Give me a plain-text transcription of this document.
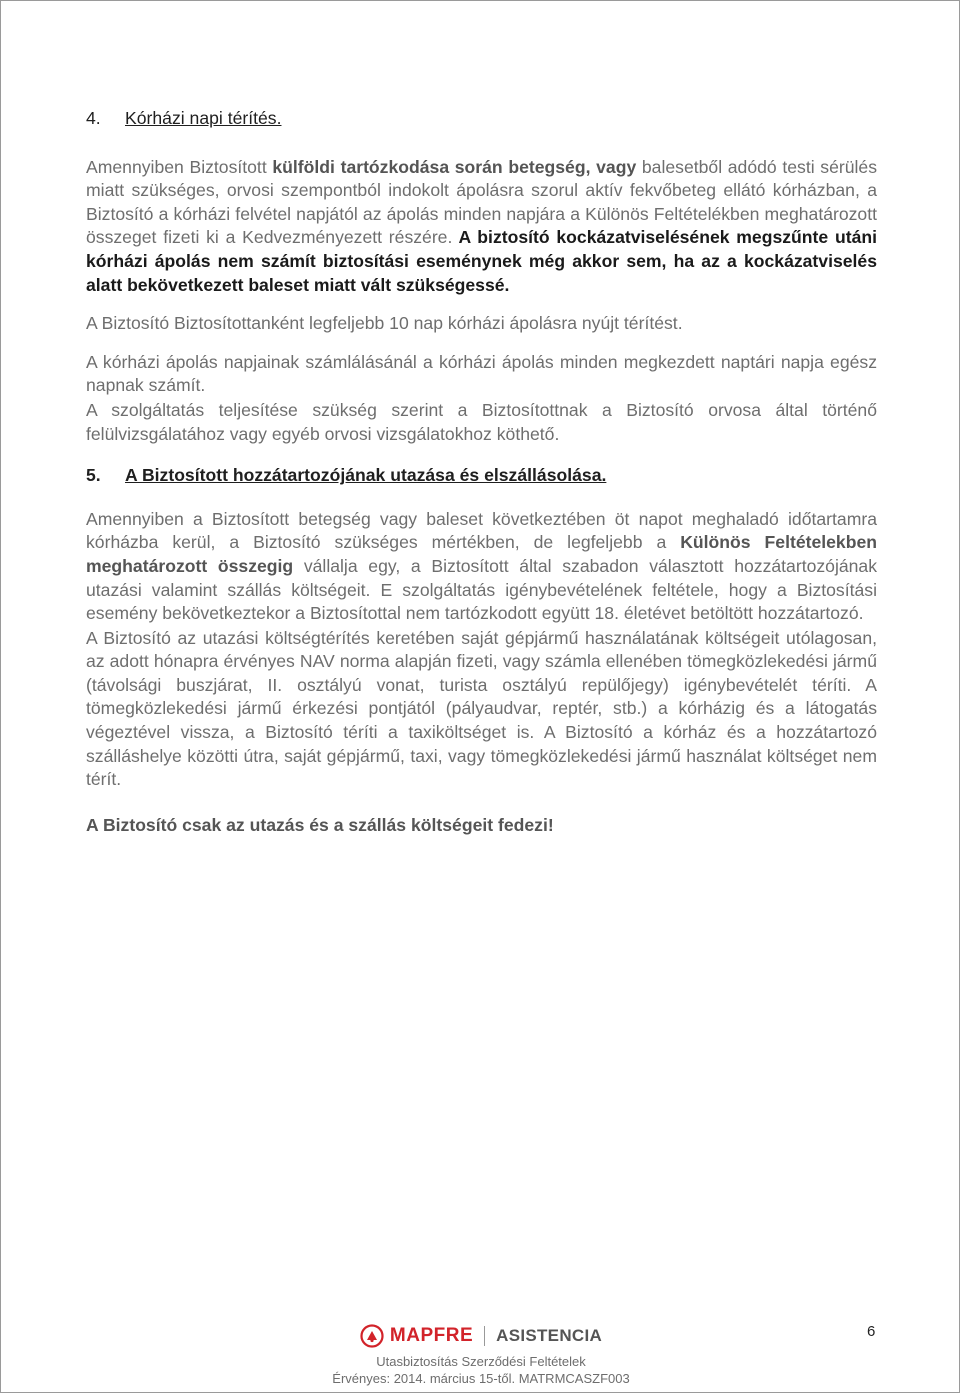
4. Kórházi napi térítés.

Amennyiben Biztosított külföldi tartózkodása során betegség, vagy balesetből adódó testi sérülés miatt szükséges, orvosi szempontból indokolt ápolásra szorul aktív fekvőbeteg ellátó kórházban, a Biztosító a kórházi felvétel napjától az ápolás minden napjára a Különös Feltételékben meghatározott összeget fizeti ki a Kedvezményezett részére. A biztosító kockázatviselésének megszűnte utáni kórházi ápolás nem számít biztosítási eseménynek még akkor sem, ha az a kockázatviselés alatt bekövetkezett baleset miatt vált szükségessé.

A Biztosító Biztosítottanként legfeljebb 10 nap kórházi ápolásra nyújt térítést.

A kórházi ápolás napjainak számlálásánál a kórházi ápolás minden megkezdett naptári napja egész napnak számít.

A szolgáltatás teljesítése szükség szerint a Biztosítottnak a Biztosító orvosa által történő felülvizsgálatához vagy egyéb orvosi vizsgálatokhoz köthető.

5. A Biztosított hozzátartozójának utazása és elszállásolása.

Amennyiben a Biztosított betegség vagy baleset következtében öt napot meghaladó időtartamra kórházba kerül, a Biztosító szükséges mértékben, de legfeljebb a Különös Feltételekben meghatározott összegig vállalja egy, a Biztosított által szabadon választott hozzátartozójának utazási valamint szállás költségeit. E szolgáltatás igénybevételének feltétele, hogy a Biztosítási esemény bekövetkeztekor a Biztosítottal nem tartózkodott együtt 18. életévet betöltött hozzátartozó.

A Biztosító az utazási költségtérítés keretében saját gépjármű használatának költségeit utólagosan, az adott hónapra érvényes NAV norma alapján fizeti, vagy számla ellenében tömegközlekedési jármű (távolsági buszjárat, II. osztályú vonat, turista osztályú repülőjegy) igénybevételét téríti. A tömegközlekedési jármű érkezési pontjától (pályaudvar, reptér, stb.) a kórházig és a látogatás végeztével vissza, a Biztosító téríti a taxiköltséget is. A Biztosító a kórház és a hozzátartozó szálláshelye közötti útra, saját gépjármű, taxi, vagy tömegközlekedési jármű használat költséget nem térít.

A Biztosító csak az utazás és a szállás költségeit fedezi!

MAPFRE ASISTENCIA
Utasbiztosítás Szerződési Feltételek
Érvényes: 2014. március 15-től. MATRMCASZF003
6
